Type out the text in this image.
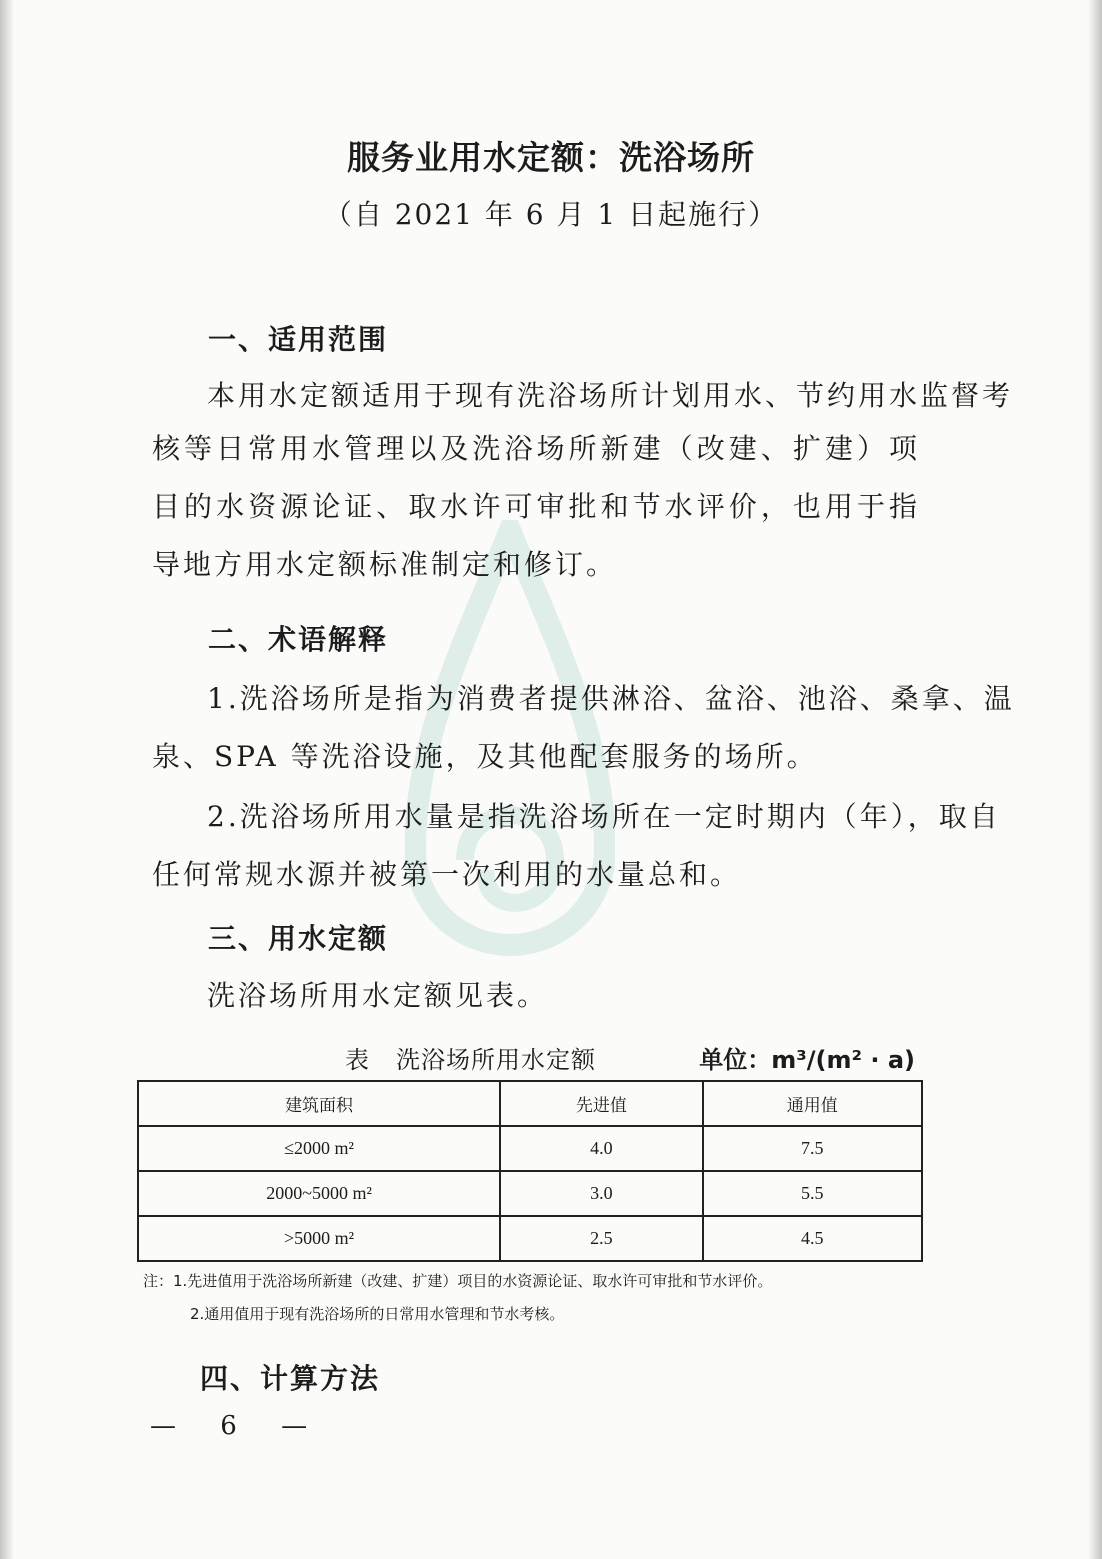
服务业用水定额：洗浴场所
（自 2021 年 6 月 1 日起施行）
一、适用范围
本用水定额适用于现有洗浴场所计划用水、节约用水监督考
核等日常用水管理以及洗浴场所新建（改建、扩建）项目的水资源论证、取水许可审批和节水评价，也用于指导地方用水定额标准制定和修订。
二、术语解释
1.洗浴场所是指为消费者提供淋浴、盆浴、池浴、桑拿、温
泉、SPA 等洗浴设施，及其他配套服务的场所。
2.洗浴场所用水量是指洗浴场所在一定时期内（年），取自
任何常规水源并被第一次利用的水量总和。
三、用水定额
洗浴场所用水定额见表。
表 洗浴场所用水定额	单位：m³/(m² · a)
建筑面积	先进值	通用值
≤2000 m²	4.0	7.5
2000~5000 m²	3.0	5.5
>5000 m²	2.5	4.5
注：1.先进值用于洗浴场所新建（改建、扩建）项目的水资源论证、取水许可审批和节水评价。
2.通用值用于现有洗浴场所的日常用水管理和节水考核。
四、计算方法
— 6 —
